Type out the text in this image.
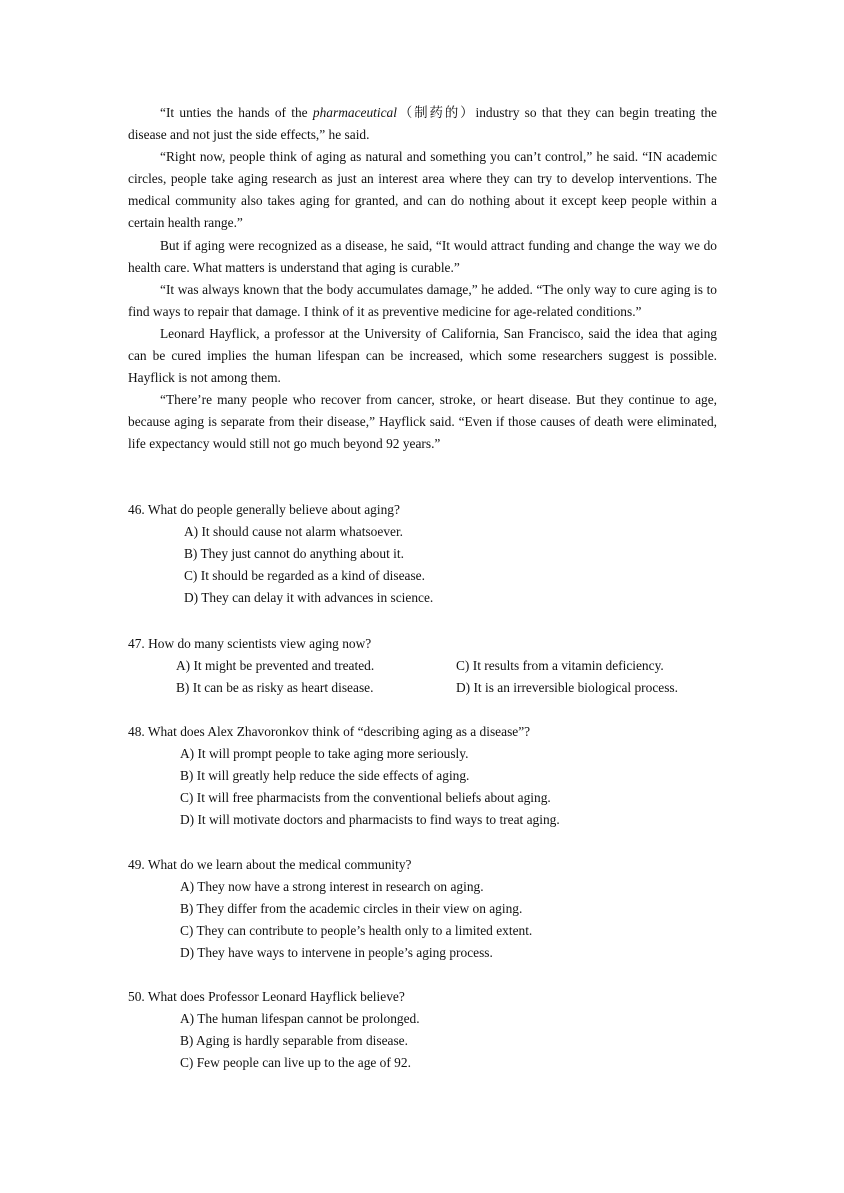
“It unties the hands of the pharmaceutical（制药的）industry so that they can begin treating the disease and not just the side effects,” he said.

“Right now, people think of aging as natural and something you can’t control,” he said. “IN academic circles, people take aging research as just an interest area where they can try to develop interventions. The medical community also takes aging for granted, and can do nothing about it except keep people within a certain health range.”

But if aging were recognized as a disease, he said, “It would attract funding and change the way we do health care. What matters is understand that aging is curable.”

“It was always known that the body accumulates damage,” he added. “The only way to cure aging is to find ways to repair that damage. I think of it as preventive medicine for age-related conditions.”

Leonard Hayflick, a professor at the University of California, San Francisco, said the idea that aging can be cured implies the human lifespan can be increased, which some researchers suggest is possible. Hayflick is not among them.

“There’re many people who recover from cancer, stroke, or heart disease. But they continue to age, because aging is separate from their disease,” Hayflick said. “Even if those causes of death were eliminated, life expectancy would still not go much beyond 92 years.”

46. What do people generally believe about aging?
A) It should cause not alarm whatsoever.
B) They just cannot do anything about it.
C) It should be regarded as a kind of disease.
D) They can delay it with advances in science.
47. How do many scientists view aging now?
A) It might be prevented and treated.	C) It results from a vitamin deficiency.
B) It can be as risky as heart disease.	D) It is an irreversible biological process.
48. What does Alex Zhavoronkov think of “describing aging as a disease”?
A) It will prompt people to take aging more seriously.
B) It will greatly help reduce the side effects of aging.
C) It will free pharmacists from the conventional beliefs about aging.
D) It will motivate doctors and pharmacists to find ways to treat aging.
49. What do we learn about the medical community?
A) They now have a strong interest in research on aging.
B) They differ from the academic circles in their view on aging.
C) They can contribute to people’s health only to a limited extent.
D) They have ways to intervene in people’s aging process.
50. What does Professor Leonard Hayflick believe?
A) The human lifespan cannot be prolonged.
B) Aging is hardly separable from disease.
C) Few people can live up to the age of 92.
